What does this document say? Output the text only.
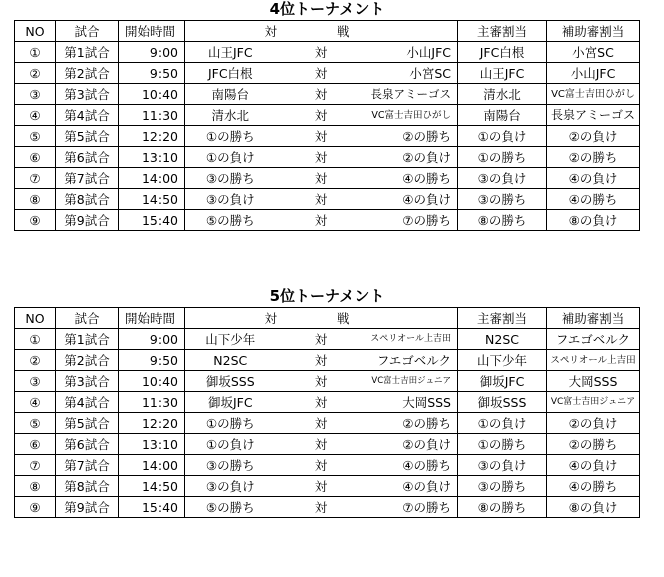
4位トーナメント
NO	試合	開始時間	対 戦			主審割当	補助審割当
①	第1試合	9:00	山王JFC	対	小山JFC	JFC白根	小宮SC
②	第2試合	9:50	JFC白根	対	小宮SC	山王JFC	小山JFC
③	第3試合	10:40	南陽台	対	長泉アミーゴス	清水北	VC富士吉田ひがし
④	第4試合	11:30	清水北	対	VC富士吉田ひがし	南陽台	長泉アミーゴス
⑤	第5試合	12:20	①の勝ち	対	②の勝ち	①の負け	②の負け
⑥	第6試合	13:10	①の負け	対	②の負け	①の勝ち	②の勝ち
⑦	第7試合	14:00	③の勝ち	対	④の勝ち	③の負け	④の負け
⑧	第8試合	14:50	③の負け	対	④の負け	③の勝ち	④の勝ち
⑨	第9試合	15:40	⑤の勝ち	対	⑦の勝ち	⑧の勝ち	⑧の負け
5位トーナメント
NO	試合	開始時間	対 戦			主審割当	補助審割当
①	第1試合	9:00	山下少年	対	スペリオール上吉田	N2SC	フエゴベルク
②	第2試合	9:50	N2SC	対	フエゴベルク	山下少年	スペリオール上吉田
③	第3試合	10:40	御坂SSS	対	VC富士吉田ジュニア	御坂JFC	大岡SSS
④	第4試合	11:30	御坂JFC	対	大岡SSS	御坂SSS	VC富士吉田ジュニア
⑤	第5試合	12:20	①の勝ち	対	②の勝ち	①の負け	②の負け
⑥	第6試合	13:10	①の負け	対	②の負け	①の勝ち	②の勝ち
⑦	第7試合	14:00	③の勝ち	対	④の勝ち	③の負け	④の負け
⑧	第8試合	14:50	③の負け	対	④の負け	③の勝ち	④の勝ち
⑨	第9試合	15:40	⑤の勝ち	対	⑦の勝ち	⑧の勝ち	⑧の負け
